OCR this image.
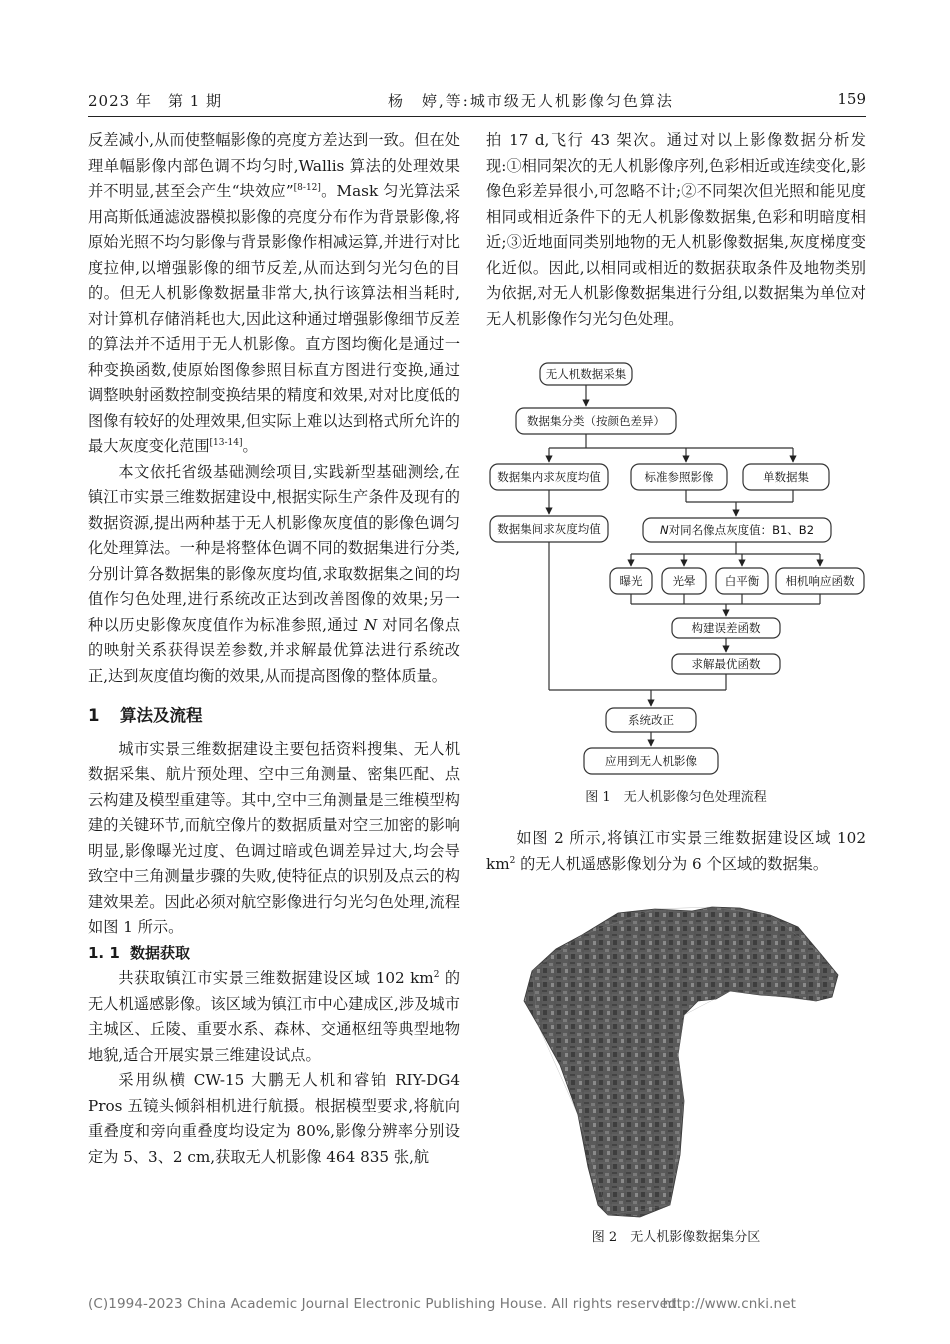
2023 年　第 1 期	杨　婷,等:城市级无人机影像匀色算法	159

反差减小,从而使整幅影像的亮度方差达到一致。但在处理单幅影像内部色调不均匀时,Wallis 算法的处理效果并不明显,甚至会产生“块效应”[8-12]。Mask 匀光算法采用高斯低通滤波器模拟影像的亮度分布作为背景影像,将原始光照不均匀影像与背景影像作相减运算,并进行对比度拉伸,以增强影像的细节反差,从而达到匀光匀色的目的。但无人机影像数据量非常大,执行该算法相当耗时,对计算机存储消耗也大,因此这种通过增强影像细节反差的算法并不适用于无人机影像。直方图均衡化是通过一种变换函数,使原始图像参照目标直方图进行变换,通过调整映射函数控制变换结果的精度和效果,对对比度低的图像有较好的处理效果,但实际上难以达到格式所允许的最大灰度变化范围[13-14]。

本文依托省级基础测绘项目,实践新型基础测绘,在镇江市实景三维数据建设中,根据实际生产条件及现有的数据资源,提出两种基于无人机影像灰度值的影像色调匀化处理算法。一种是将整体色调不同的数据集进行分类,分别计算各数据集的影像灰度均值,求取数据集之间的均值作匀色处理,进行系统改正达到改善图像的效果;另一种以历史影像灰度值作为标准参照,通过 N 对同名像点的映射关系获得误差参数,并求解最优算法进行系统改正,达到灰度值均衡的效果,从而提高图像的整体质量。

1 算法及流程

城市实景三维数据建设主要包括资料搜集、无人机数据采集、航片预处理、空中三角测量、密集匹配、点云构建及模型重建等。其中,空中三角测量是三维模型构建的关键环节,而航空像片的数据质量对空三加密的影响明显,影像曝光过度、色调过暗或色调差异过大,均会导致空中三角测量步骤的失败,使特征点的识别及点云的构建效果差。因此必须对航空影像进行匀光匀色处理,流程如图 1 所示。

1. 1 数据获取

共获取镇江市实景三维数据建设区域 102 $km^2$ 的无人机遥感影像。该区域为镇江市中心建成区,涉及城市主城区、丘陵、重要水系、森林、交通枢纽等典型地物地貌,适合开展实景三维建设试点。

采用纵横 CW-15 大鹏无人机和睿铂 RIY-DG4 Pros 五镜头倾斜相机进行航摄。根据模型要求,将航向重叠度和旁向重叠度均设定为 80%,影像分辨率分别设定为 5、3、2 cm,获取无人机影像 464 835 张,航

拍 17 d,飞行 43 架次。通过对以上影像数据分析发现:①相同架次的无人机影像序列,色彩相近或连续变化,影像色彩差异很小,可忽略不计;②不同架次但光照和能见度相同或相近条件下的无人机影像数据集,色彩和明暗度相近;③近地面同类别地物的无人机影像数据集,灰度梯度变化近似。因此,以相同或相近的数据获取条件及地物类别为依据,对无人机影像数据集进行分组,以数据集为单位对无人机影像作匀光匀色处理。

无人机数据采集
数据集分类（按颜色差异）
数据集内求灰度均值	标准参照影像	单数据集
数据集间求灰度均值	N对同名像点灰度值：B1、B2
曝光	光晕	白平衡 相机响应函数
构建误差函数
求解最优函数
系统改正
应用到无人机影像
图 1　无人机影像匀色处理流程

如图 2 所示,将镇江市实景三维数据建设区域 102 $km^2$ 的无人机遥感影像划分为 6 个区域的数据集。

图 2　无人机影像数据集分区
(C)1994-2023 China Academic Journal Electronic Publishing House. All rights reserved.
http://www.cnki.net
